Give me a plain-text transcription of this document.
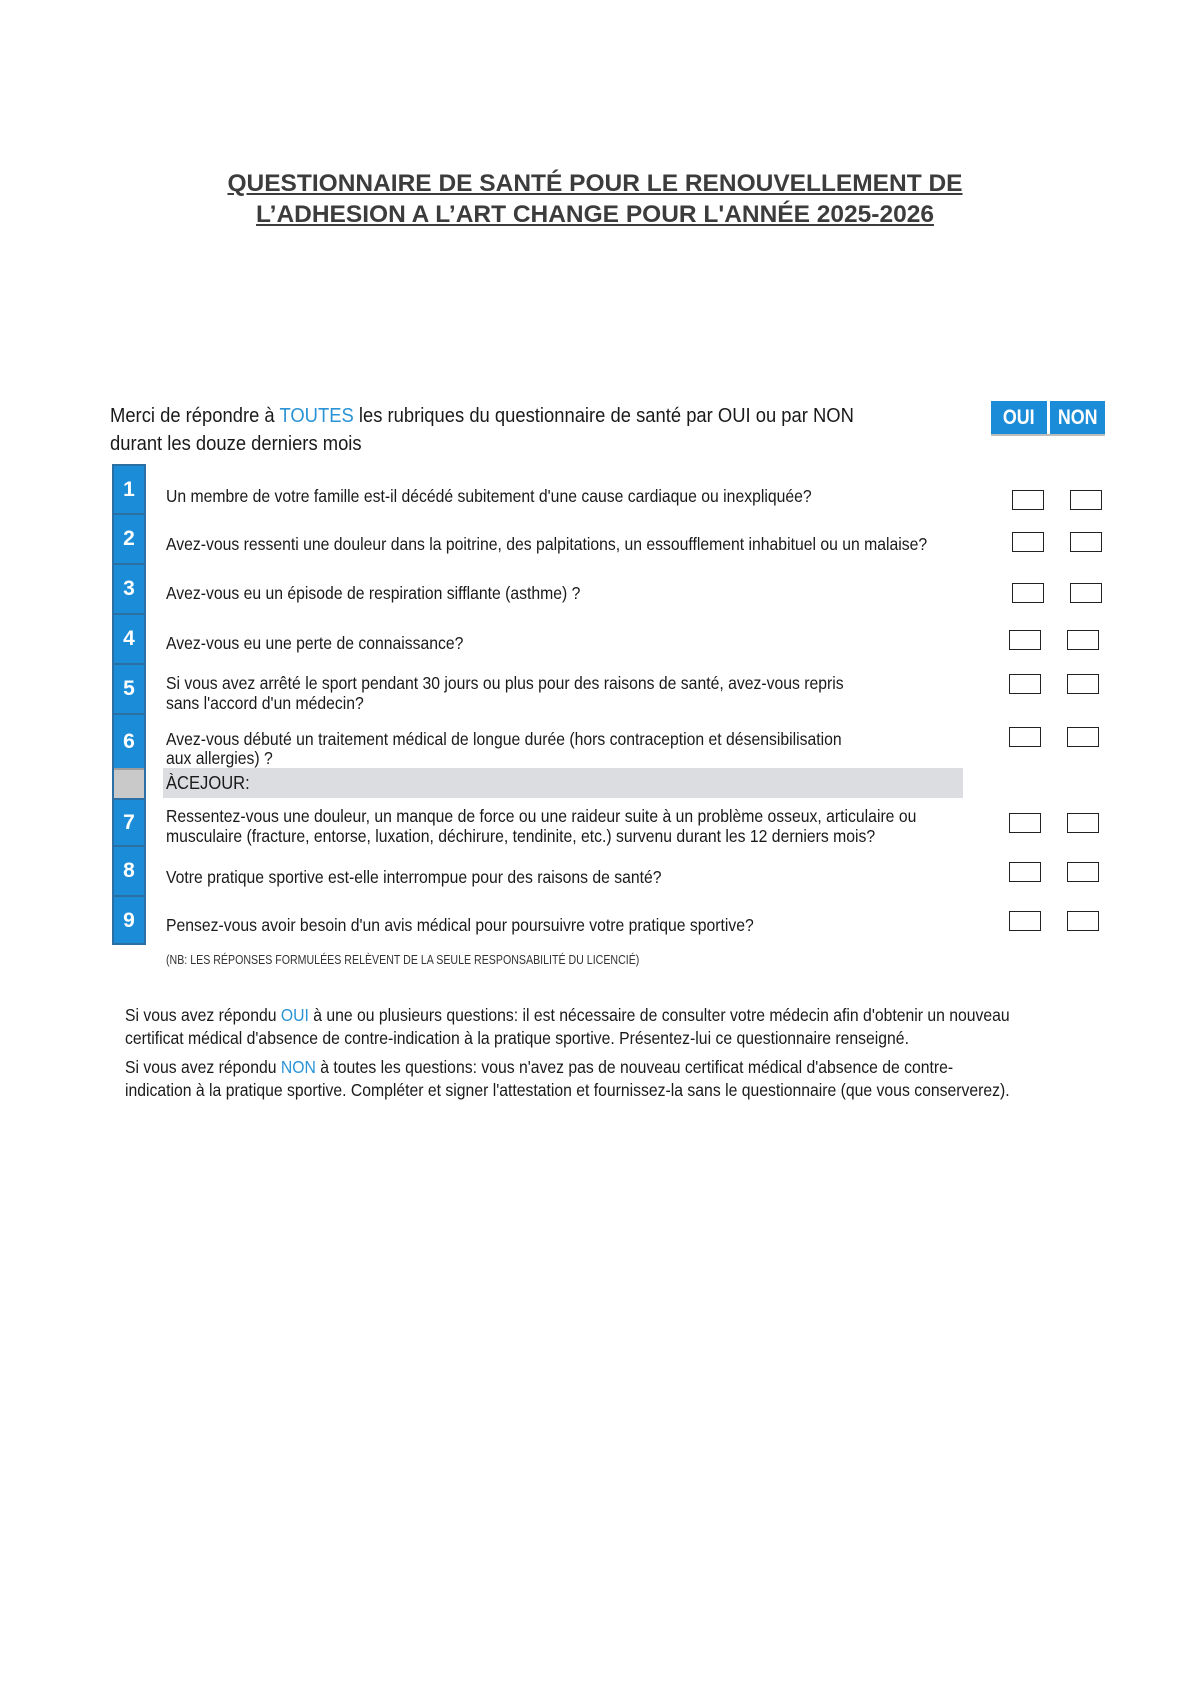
QUESTIONNAIRE DE SANTÉ POUR LE RENOUVELLEMENT DE
L’ADHESION A L’ART CHANGE POUR L'ANNÉE 2025-2026
Merci de répondre à TOUTES les rubriques du questionnaire de santé par OUI ou par NON
durant les douze derniers mois
OUI	NON
1
2
3
4
5
6
7
8
9
Un membre de votre famille est-il décédé subitement d'une cause cardiaque ou inexpliquée?
Avez-vous ressenti une douleur dans la poitrine, des palpitations, un essoufflement inhabituel ou un malaise?
Avez-vous eu un épisode de respiration sifflante (asthme) ?
Avez-vous eu une perte de connaissance?
Si vous avez arrêté le sport pendant 30 jours ou plus pour des raisons de santé, avez-vous repris
sans l'accord d'un médecin?
Avez-vous débuté un traitement médical de longue durée (hors contraception et désensibilisation
aux allergies) ?
ÀCEJOUR:
Ressentez-vous une douleur, un manque de force ou une raideur suite à un problème osseux, articulaire ou
musculaire (fracture, entorse, luxation, déchirure, tendinite, etc.) survenu durant les 12 derniers mois?
Votre pratique sportive est-elle interrompue pour des raisons de santé?
Pensez-vous avoir besoin d'un avis médical pour poursuivre votre pratique sportive?
(NB: LES RÉPONSES FORMULÉES RELÈVENT DE LA SEULE RESPONSABILITÉ DU LICENCIÉ)
Si vous avez répondu OUI à une ou plusieurs questions: il est nécessaire de consulter votre médecin afin d'obtenir un nouveau
certificat médical d'absence de contre-indication à la pratique sportive. Présentez-lui ce questionnaire renseigné.
Si vous avez répondu NON à toutes les questions: vous n'avez pas de nouveau certificat médical d'absence de contre-
indication à la pratique sportive. Compléter et signer l'attestation et fournissez-la sans le questionnaire (que vous conserverez).
